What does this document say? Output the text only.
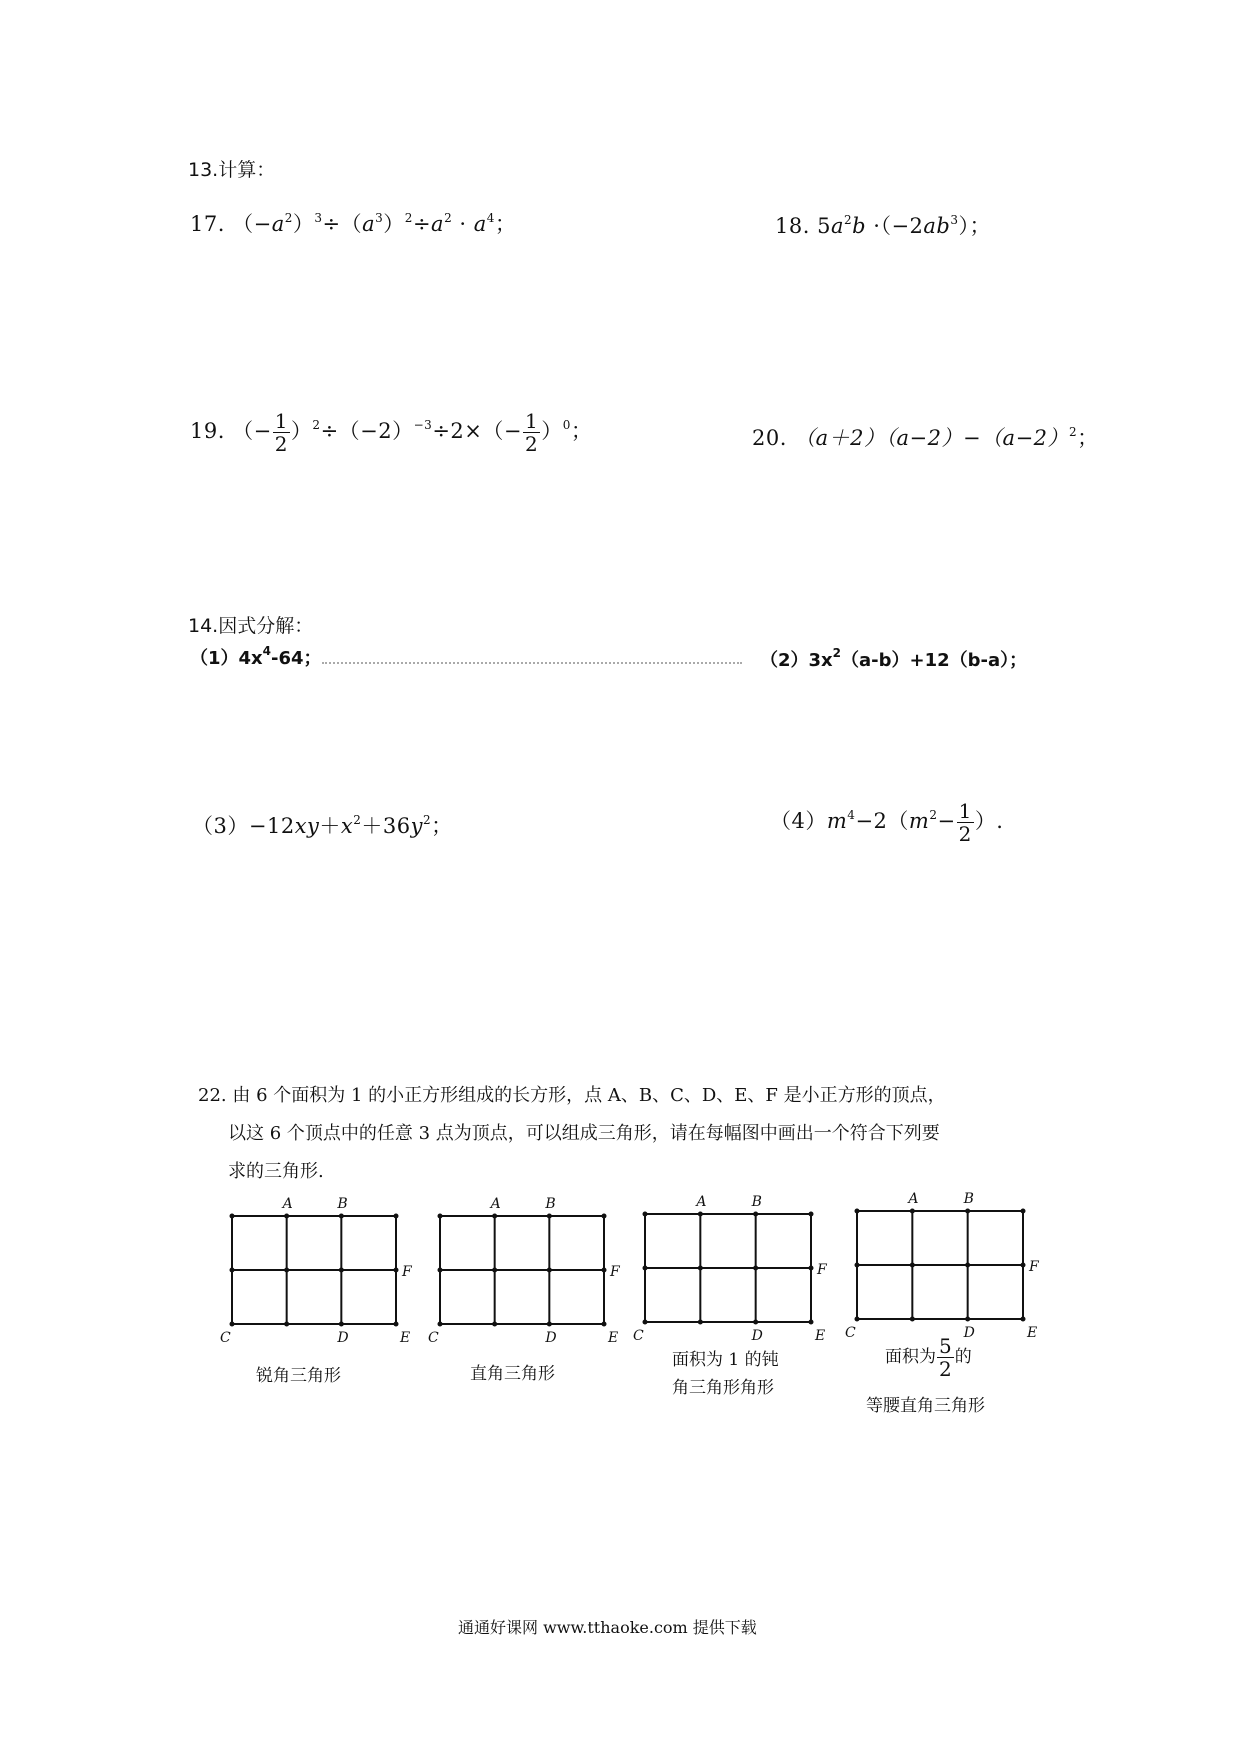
13.计算：
17. $(-a^2)^3\div(a^3)^2\div a^2 \cdot a^4$；	18. $5a^2b \cdot(-2ab^3)$；
19. （− $\frac{1}{2} )^2\div(-2)^{-3}\div 2\times(- \frac{1}{2} )^0$；	20. $(a+2)(a-2)-(a-2)^2$；
14.因式分解：
$(1)4x^4-64$；	$(2)3x^2(a-b)+12(b-a)$；
$(3)-12xy+x^2+36y^2$；	$(4)m^4-2(m^2- \frac{1}{2}$ ）.
22. 由 6 个面积为 1 的小正方形组成的长方形，点 A、B、C、D、E、F 是小正方形的顶点，
以这 6 个顶点中的任意 3 点为顶点，可以组成三角形，请在每幅图中画出一个符合下列要
求的三角形.
A	B
C	D	E
F
A	B
C	D	E
F
A	B
C	D	E
F
A	B
C	D	E
F
锐角三角形	直角三角形
面积为 1 的钝
角三角形角形
面积为 $\frac{5}{2}$ 的
等腰直角三角形
通通好课网 www.tthaoke.com 提供下载
